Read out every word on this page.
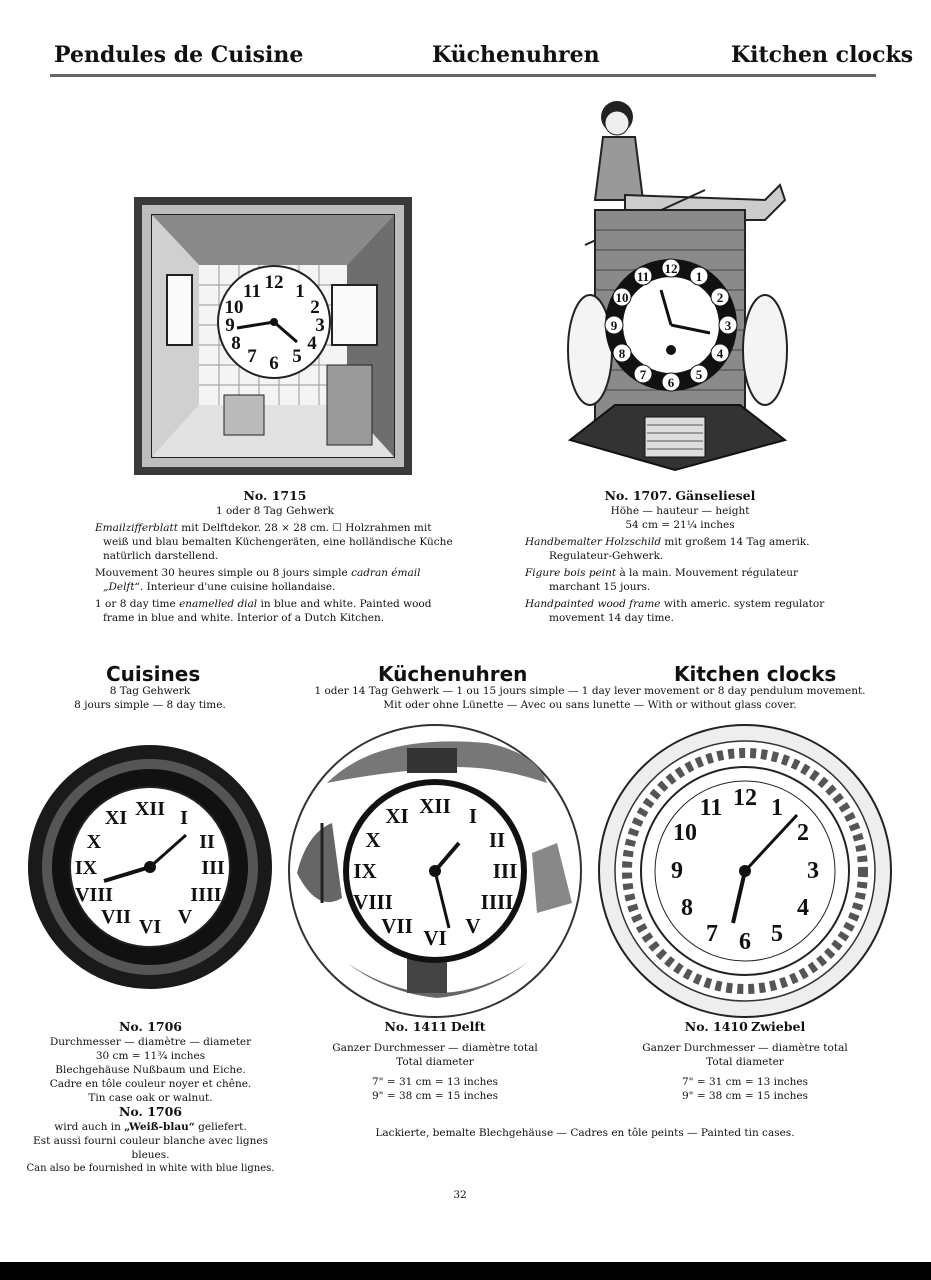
Pendules de Cuisine	Küchenuhren	Kitchen clocks
12 1
2
3
4
5
6
7
8
9
10
11
12
1
2
3
4
5
6
7
8
9
10
11

No. 1715

1 oder 8 Tag Gehwerk

Emailzifferblatt mit Delftdekor. 28 × 28 cm. ☐ Holzrahmen mit weiß und blau bemalten Küchengeräten, eine holländische Küche natürlich darstellend.

Mouvement 30 heures simple ou 8 jours simple cadran émail „Delft“. Interieur d'une cuisine hollandaise.

1 or 8 day time enamelled dial in blue and white. Painted wood frame in blue and white. Interior of a Dutch Kitchen.

No. 1707. Gänseliesel

Höhe — hauteur — height

54 cm = 21¼ inches

Handbemalter Holzschild mit großem 14 Tag amerik. Regulateur-Gehwerk.

Figure bois peint à la main. Mouvement régulateur marchant 15 jours.

Handpainted wood frame with americ. system regulator movement 14 day time.

Cuisines	Küchenuhren	Kitchen clocks

8 Tag Gehwerk

8 jours simple — 8 day time.

1 oder 14 Tag Gehwerk — 1 ou 15 jours simple — 1 day lever movement or 8 day pendulum movement.

Mit oder ohne Lünette — Avec ou sans lunette — With or without glass cover.

XII I
II
III
IIII
V
VI
VII
VIII
IX
X
XI	XII I
II
III
IIII
V
VI
VII
VIII
IX
X
XI
12 1
2
3
4
5
6
7
8
9
10
11

No. 1706

Durchmesser — diamètre — diameter

30 cm = 11¾ inches

Blechgehäuse Nußbaum und Eiche.

Cadre en tôle couleur noyer et chêne.

Tin case oak or walnut.

No. 1706

wird auch in „Weiß-blau“ geliefert.

Est aussi fourni couleur blanche avec lignes bleues.

Can also be fournished in white with blue lignes.

No. 1411 Delft

Ganzer Durchmesser — diamètre total

Total diameter

7" = 31 cm = 13 inches

9" = 38 cm = 15 inches

No. 1410 Zwiebel

Ganzer Durchmesser — diamètre total

Total diameter

7" = 31 cm = 13 inches

9" = 38 cm = 15 inches

Lackierte, bemalte Blechgehäuse — Cadres en tôle peints — Painted tin cases.
32
